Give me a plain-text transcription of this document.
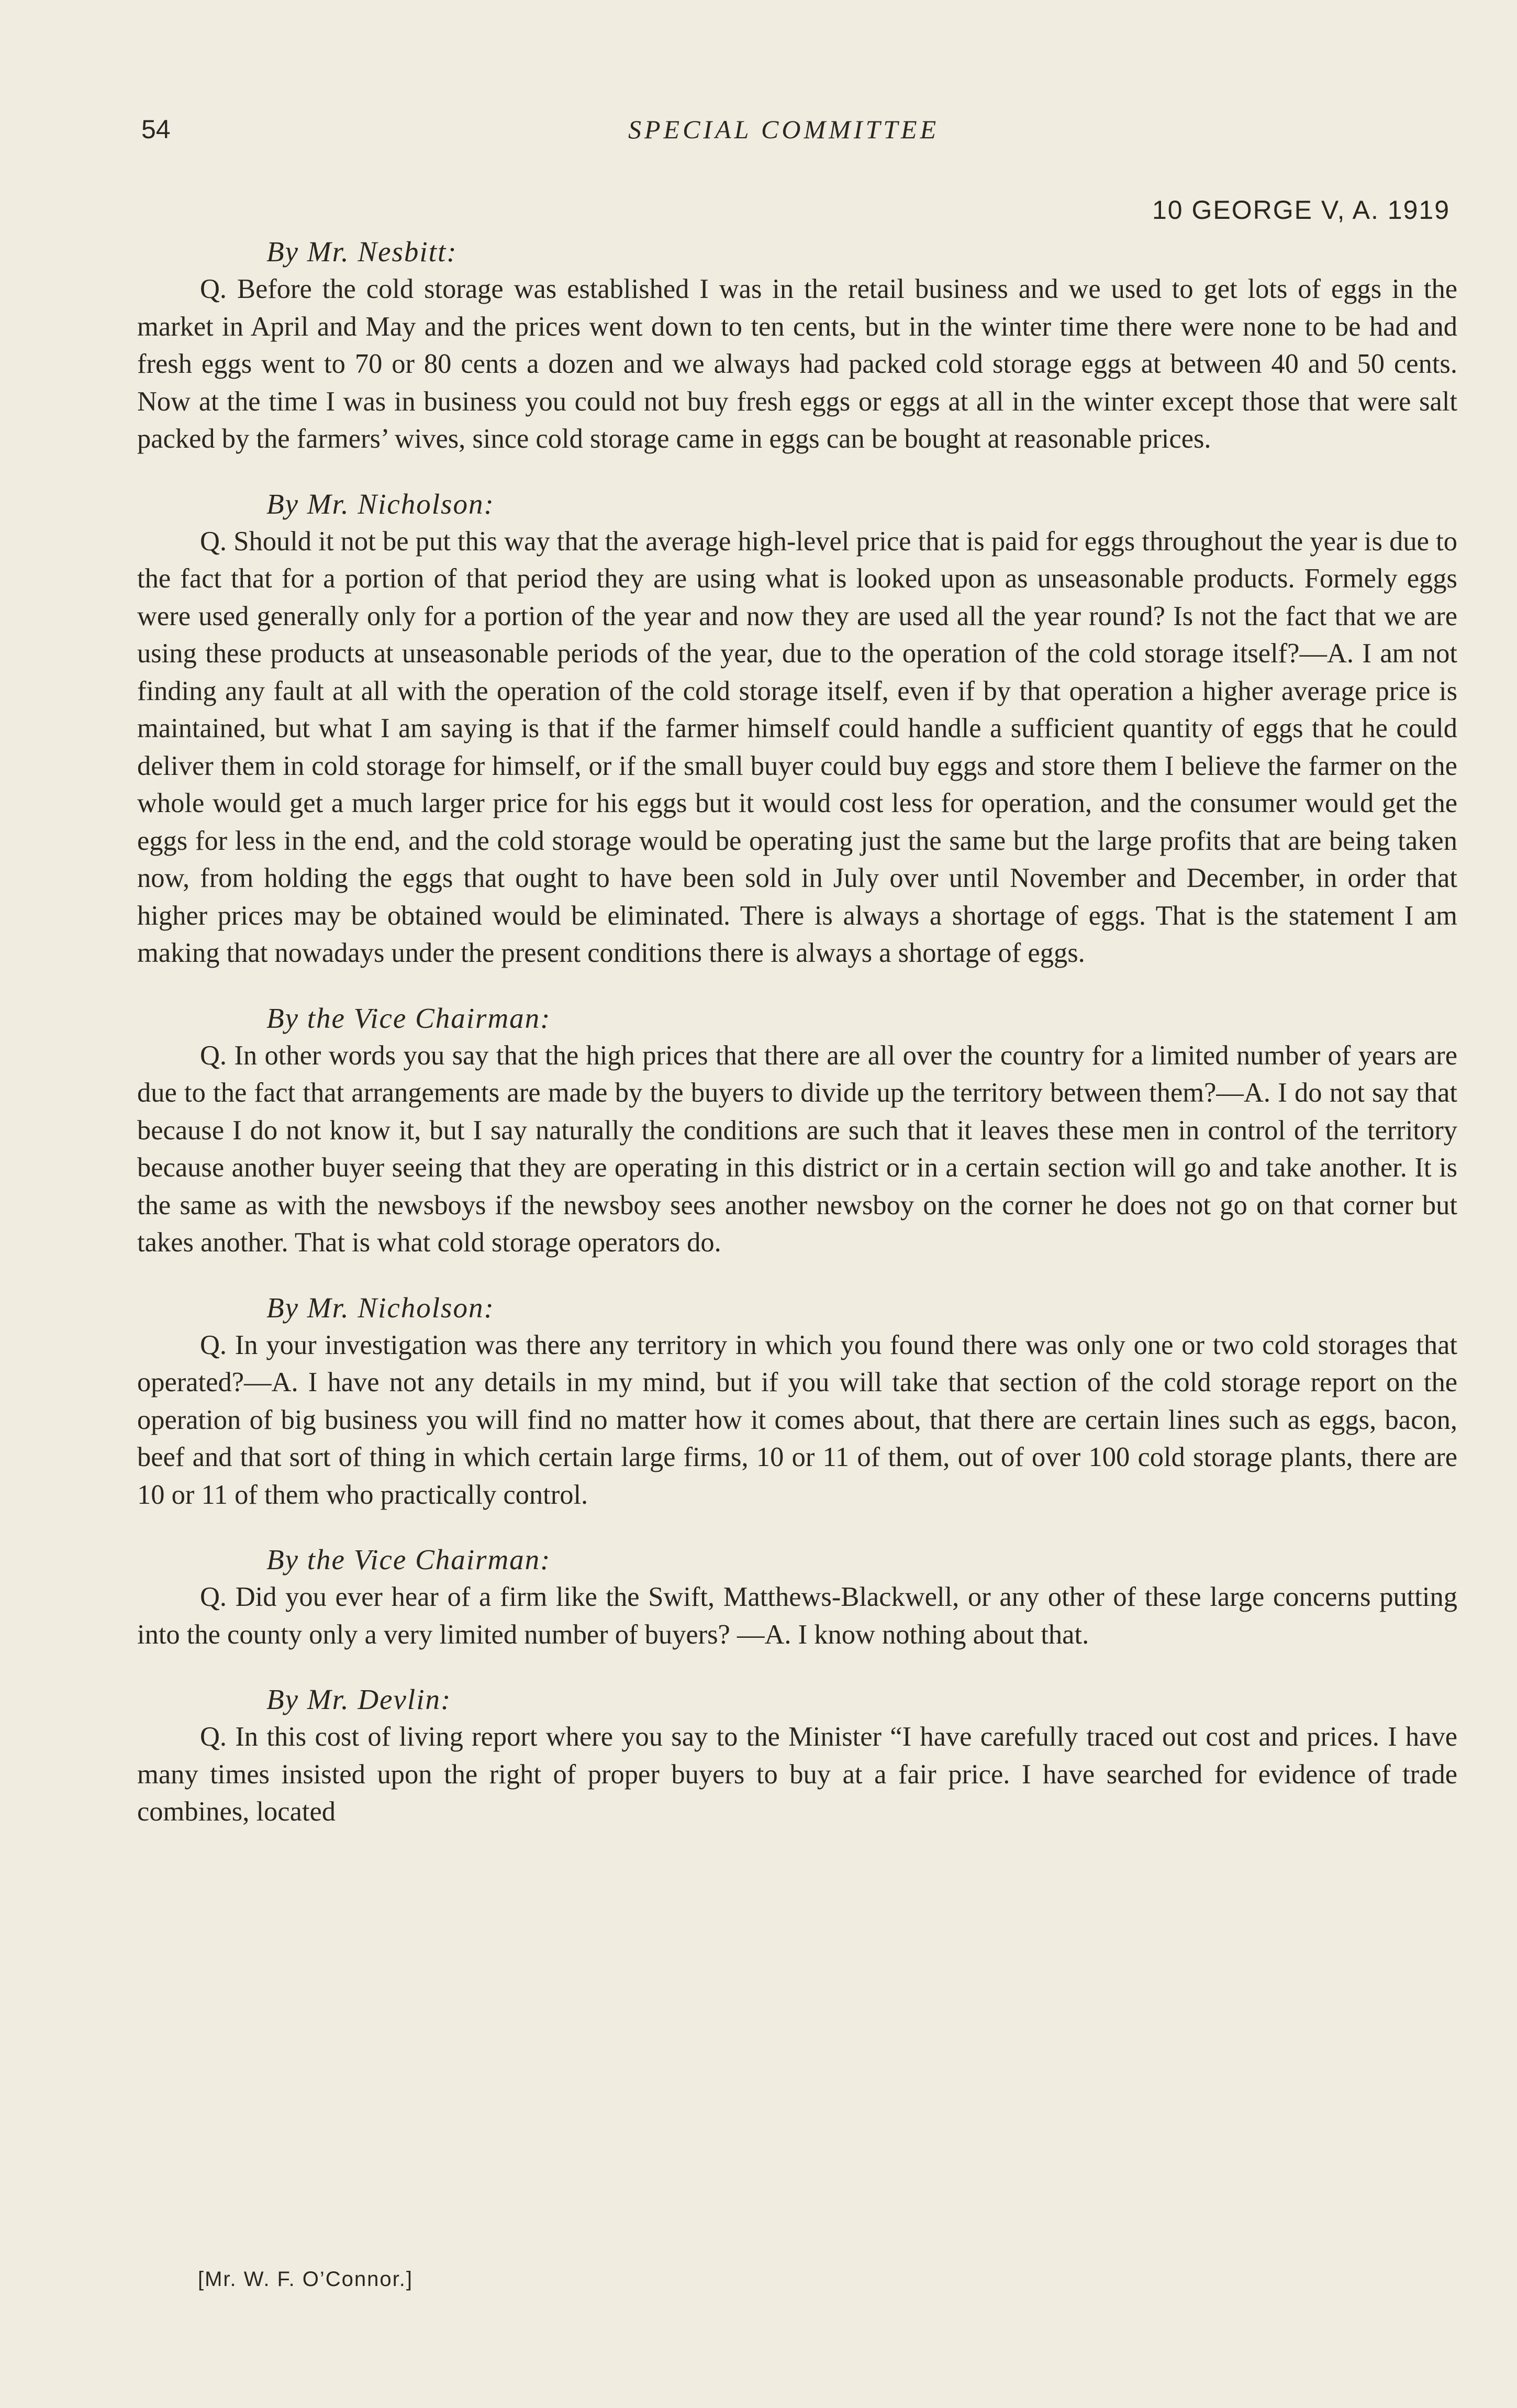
54	SPECIAL COMMITTEE
10 GEORGE V, A. 1919
By Mr. Nesbitt:

Q. Before the cold storage was established I was in the retail business and we used to get lots of eggs in the market in April and May and the prices went down to ten cents, but in the winter time there were none to be had and fresh eggs went to 70 or 80 cents a dozen and we always had packed cold storage eggs at between 40 and 50 cents. Now at the time I was in business you could not buy fresh eggs or eggs at all in the winter except those that were salt packed by the farmers’ wives, since cold storage came in eggs can be bought at reasonable prices.

By Mr. Nicholson:

Q. Should it not be put this way that the average high-level price that is paid for eggs throughout the year is due to the fact that for a portion of that period they are using what is looked upon as unseasonable products. Formely eggs were used generally only for a portion of the year and now they are used all the year round? Is not the fact that we are using these products at unseasonable periods of the year, due to the operation of the cold storage itself?—A. I am not finding any fault at all with the operation of the cold storage itself, even if by that operation a higher average price is maintained, but what I am saying is that if the farmer himself could handle a sufficient quantity of eggs that he could deliver them in cold storage for himself, or if the small buyer could buy eggs and store them I believe the farmer on the whole would get a much larger price for his eggs but it would cost less for operation, and the consumer would get the eggs for less in the end, and the cold storage would be operating just the same but the large profits that are being taken now, from holding the eggs that ought to have been sold in July over until November and December, in order that higher prices may be obtained would be eliminated. There is always a shortage of eggs. That is the statement I am making that nowadays under the present conditions there is always a shortage of eggs.

By the Vice Chairman:

Q. In other words you say that the high prices that there are all over the country for a limited number of years are due to the fact that arrangements are made by the buyers to divide up the territory between them?—A. I do not say that because I do not know it, but I say naturally the conditions are such that it leaves these men in control of the territory because another buyer seeing that they are operating in this district or in a certain section will go and take another. It is the same as with the newsboys if the newsboy sees another newsboy on the corner he does not go on that corner but takes another. That is what cold storage operators do.

By Mr. Nicholson:

Q. In your investigation was there any territory in which you found there was only one or two cold storages that operated?—A. I have not any details in my mind, but if you will take that section of the cold storage report on the operation of big business you will find no matter how it comes about, that there are certain lines such as eggs, bacon, beef and that sort of thing in which certain large firms, 10 or 11 of them, out of over 100 cold storage plants, there are 10 or 11 of them who practically control.

By the Vice Chairman:

Q. Did you ever hear of a firm like the Swift, Matthews-Blackwell, or any other of these large concerns putting into the county only a very limited number of buyers? —A. I know nothing about that.

By Mr. Devlin:

Q. In this cost of living report where you say to the Minister “I have carefully traced out cost and prices. I have many times insisted upon the right of proper buyers to buy at a fair price. I have searched for evidence of trade combines, located

[Mr. W. F. O’Connor.]
